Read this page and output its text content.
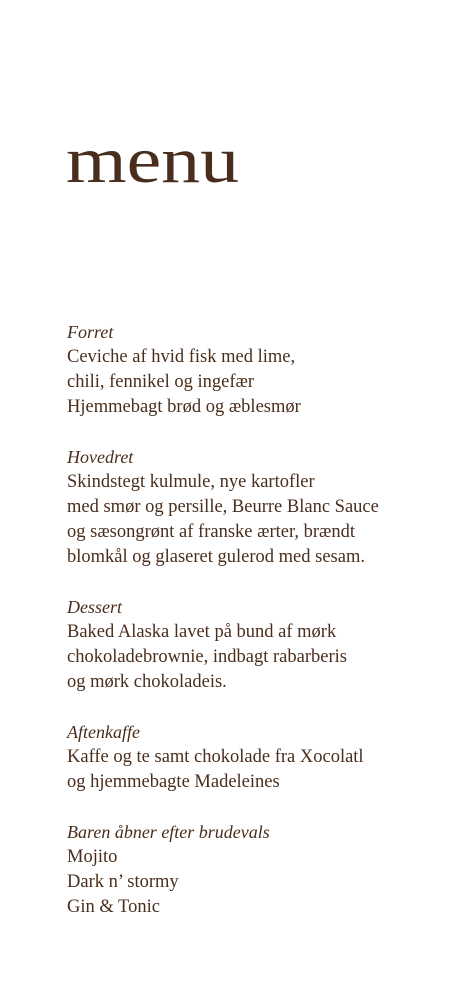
menu

Forret

Ceviche af hvid fisk med lime,

chili, fennikel og ingefær

Hjemmebagt brød og æblesmør

Hovedret

Skindstegt kulmule, nye kartofler

med smør og persille, Beurre Blanc Sauce

og sæsongrønt af franske ærter, brændt

blomkål og glaseret gulerod med sesam.

Dessert

Baked Alaska lavet på bund af mørk

chokoladebrownie, indbagt rabarberis

og mørk chokoladeis.

Aftenkaffe

Kaffe og te samt chokolade fra Xocolatl

og hjemmebagte Madeleines

Baren åbner efter brudevals

Mojito

Dark n’ stormy

Gin & Tonic
